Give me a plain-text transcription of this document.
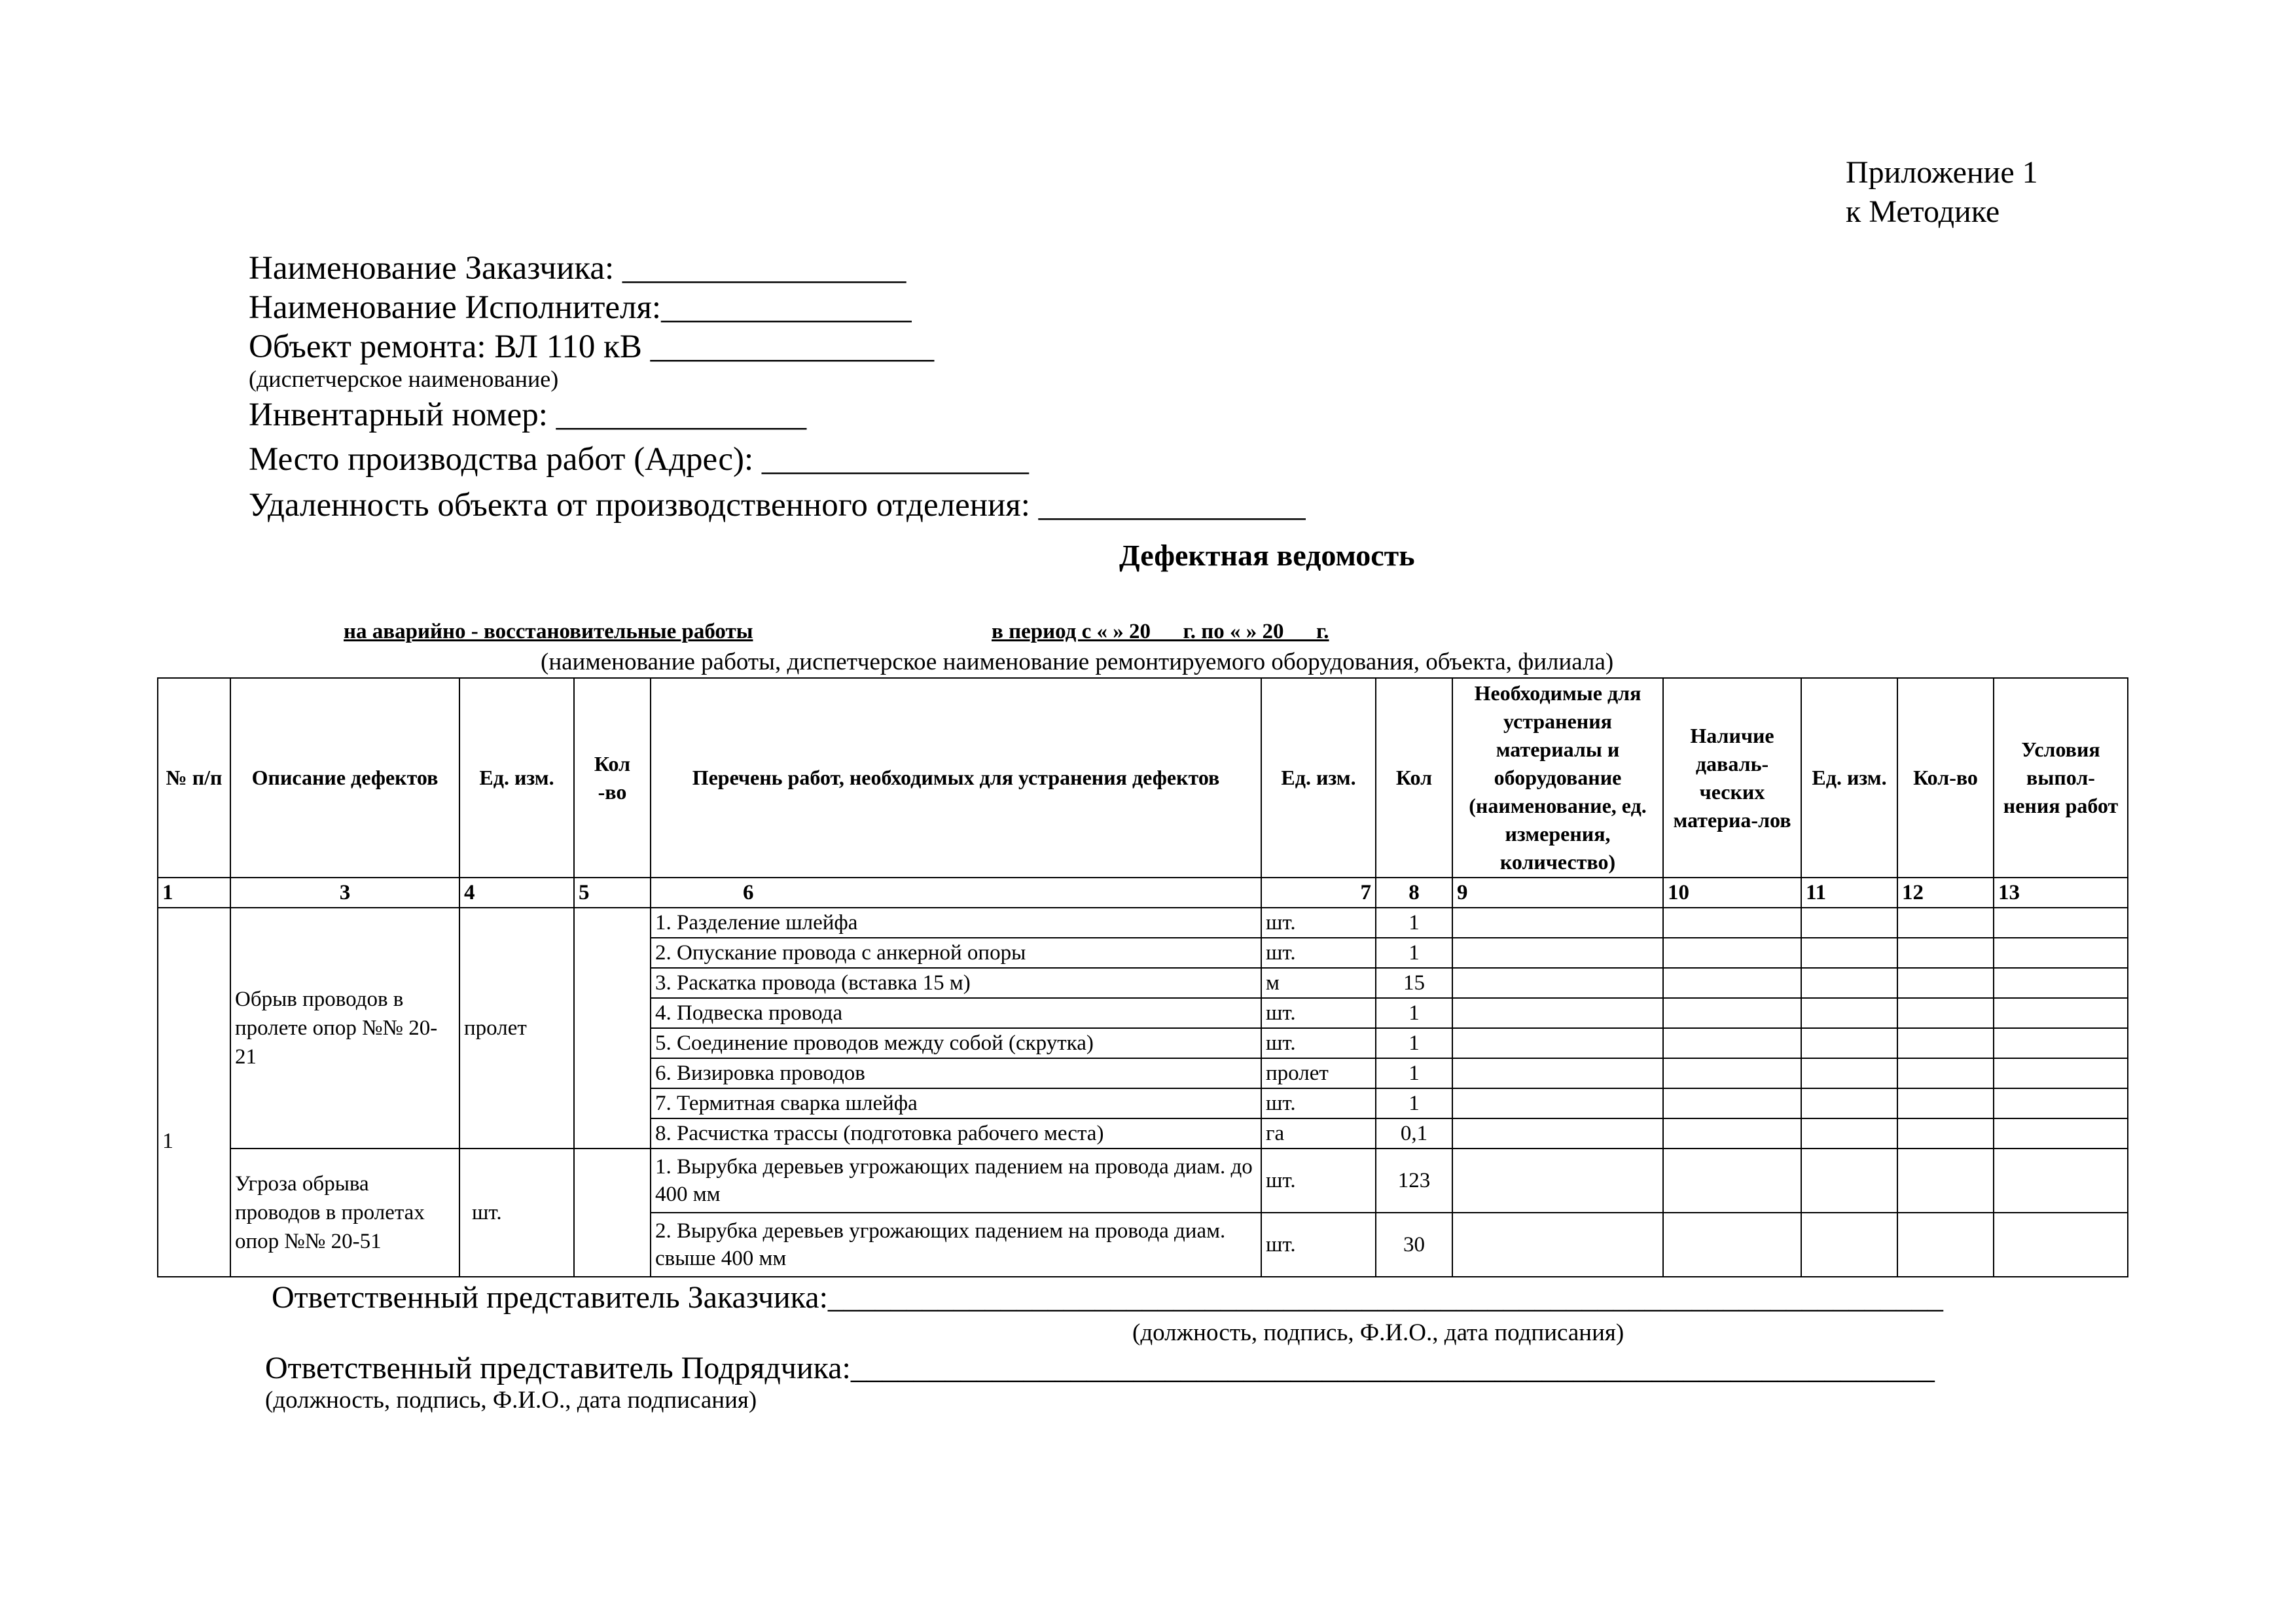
Приложение 1
к Методике
Наименование Заказчика: _________________
Наименование Исполнителя:_______________
Объект ремонта: ВЛ 110 кВ _________________
(диспетчерское наименование)
Инвентарный номер: _______________
Место производства работ (Адрес): ________________
Удаленность объекта от производственного отделения: ________________
Дефектная ведомость
на аварийно - восстановительные работы	в период с « » 20___г. по « » 20___г.
(наименование работы, диспетчерское наименование ремонтируемого оборудования, объекта, филиала)
№ п/п	Описание дефектов	Ед. изм.	Кол -во	Перечень работ, необходимых для устранения дефектов	Ед. изм.	Кол	Необходимые для устранения материалы и оборудование (наименование, ед. измерения, количество)	Наличие даваль-ческих материа-лов	Ед. изм.	Кол-во	Условия выпол-нения работ
1	3	4	5	6	7	8	9	10	11	12	13
1	Обрыв проводов в пролете опор №№ 20-21	пролет		1. Разделение шлейфа	шт.	1					
				2. Опускание провода с анкерной опоры	шт.	1					
				3. Раскатка провода (вставка 15 м)	м	15					
				4. Подвеска провода	шт.	1					
				5. Соединение проводов между собой (скрутка)	шт.	1					
				6. Визировка проводов	пролет	1					
				7. Термитная сварка шлейфа	шт.	1					
				8. Расчистка трассы (подготовка рабочего места)	га	0,1					
	Угроза обрыва проводов в пролетах опор №№ 20-51	шт.		1. Вырубка деревьев угрожающих падением на провода диам. до 400 мм	шт.	123					
				2. Вырубка деревьев угрожающих падением на провода диам. свыше 400 мм	шт.	30					
Ответственный представитель Заказчика:_______________________________________________________________________
(должность, подпись, Ф.И.О., дата подписания)
Ответственный представитель Подрядчика:_____________________________________________________________________
(должность, подпись, Ф.И.О., дата подписания)
